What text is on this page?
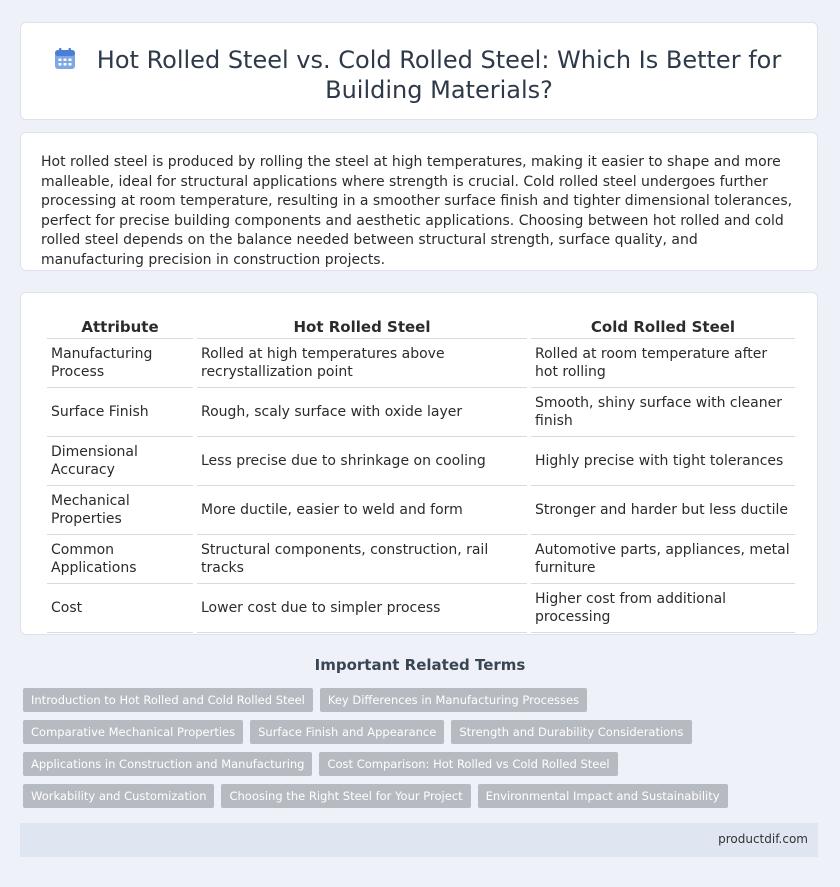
Hot Rolled Steel vs. Cold Rolled Steel: Which Is Better for Building Materials?

Hot rolled steel is produced by rolling the steel at high temperatures, making it easier to shape and more malleable, ideal for structural applications where strength is crucial. Cold rolled steel undergoes further processing at room temperature, resulting in a smoother surface finish and tighter dimensional tolerances, perfect for precise building components and aesthetic applications. Choosing between hot rolled and cold rolled steel depends on the balance needed between structural strength, surface quality, and manufacturing precision in construction projects.

Attribute	Hot Rolled Steel	Cold Rolled Steel
Manufacturing Process	Rolled at high temperatures above recrystallization point	Rolled at room temperature after hot rolling
Surface Finish	Rough, scaly surface with oxide layer	Smooth, shiny surface with cleaner finish
Dimensional Accuracy	Less precise due to shrinkage on cooling	Highly precise with tight tolerances
Mechanical Properties	More ductile, easier to weld and form	Stronger and harder but less ductile
Common Applications	Structural components, construction, rail tracks	Automotive parts, appliances, metal furniture
Cost	Lower cost due to simpler process	Higher cost from additional processing
Important Related Terms
Introduction to Hot Rolled and Cold Rolled Steel	Key Differences in Manufacturing Processes
Comparative Mechanical Properties	Surface Finish and Appearance	Strength and Durability Considerations
Applications in Construction and Manufacturing	Cost Comparison: Hot Rolled vs Cold Rolled Steel
Workability and Customization	Choosing the Right Steel for Your Project	Environmental Impact and Sustainability
productdif.com
